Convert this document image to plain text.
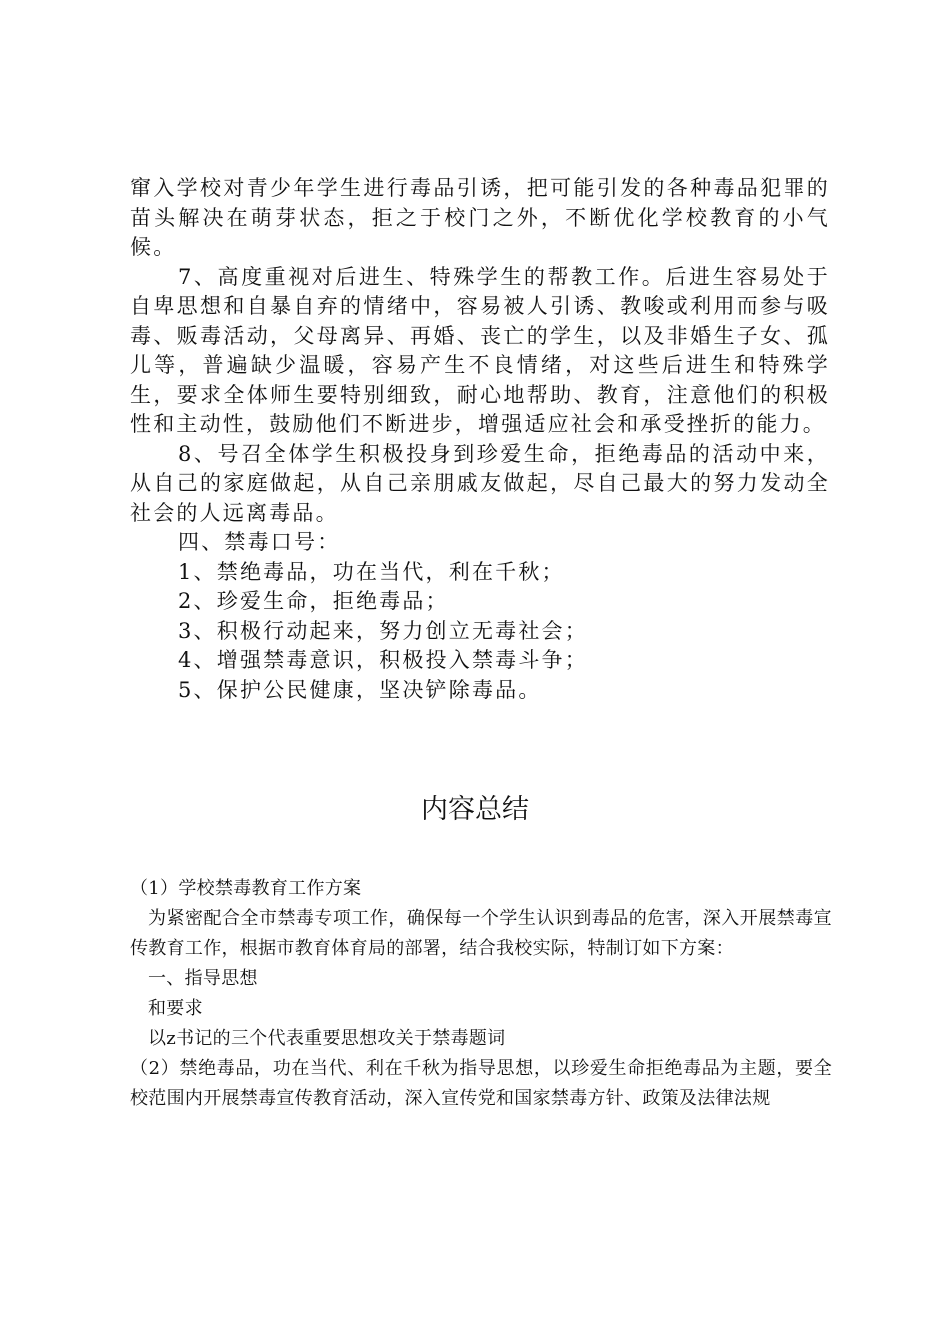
窜入学校对青少年学生进行毒品引诱，把可能引发的各种毒品犯罪的苗头解决在萌芽状态，拒之于校门之外，不断优化学校教育的小气候。

7、高度重视对后进生、特殊学生的帮教工作。后进生容易处于自卑思想和自暴自弃的情绪中，容易被人引诱、教唆或利用而参与吸毒、贩毒活动，父母离异、再婚、丧亡的学生，以及非婚生子女、孤儿等，普遍缺少温暖，容易产生不良情绪，对这些后进生和特殊学生，要求全体师生要特别细致，耐心地帮助、教育，注意他们的积极性和主动性，鼓励他们不断进步，增强适应社会和承受挫折的能力。

8、号召全体学生积极投身到珍爱生命，拒绝毒品的活动中来，从自己的家庭做起，从自己亲朋戚友做起，尽自己最大的努力发动全社会的人远离毒品。

四、禁毒口号：

1、禁绝毒品，功在当代，利在千秋；

2、珍爱生命，拒绝毒品；

3、积极行动起来，努力创立无毒社会；

4、增强禁毒意识，积极投入禁毒斗争；

5、保护公民健康，坚决铲除毒品。

内容总结

（1）学校禁毒教育工作方案

为紧密配合全市禁毒专项工作，确保每一个学生认识到毒品的危害，深入开展禁毒宣传教育工作，根据市教育体育局的部署，结合我校实际，特制订如下方案：

一、指导思想

和要求

以z书记的三个代表重要思想攻关于禁毒题词

（2）禁绝毒品，功在当代、利在千秋为指导思想，以珍爱生命拒绝毒品为主题，要全校范围内开展禁毒宣传教育活动，深入宣传党和国家禁毒方针、政策及法律法规
